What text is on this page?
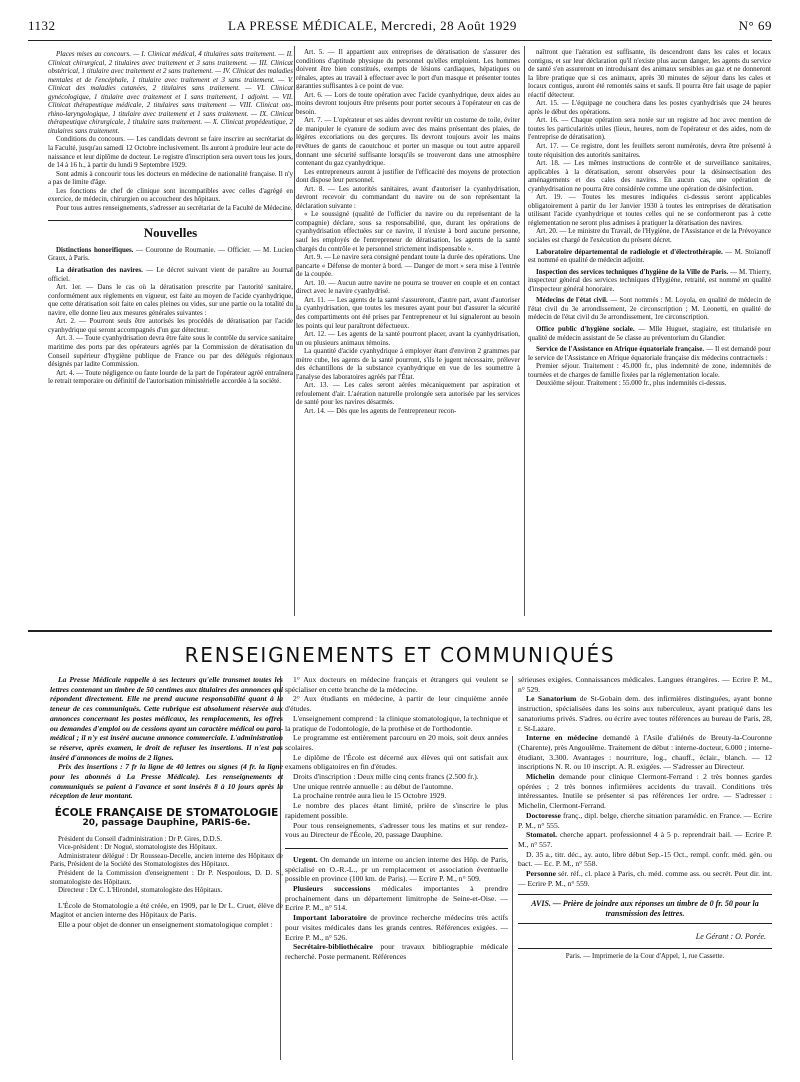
1132	LA PRESSE MÉDICALE, Mercredi, 28 Août 1929	N° 69

Places mises au concours. — I. Clinicat médical, 4 titulaires sans traitement. — II. Clinicat chirurgical, 2 titulaires avec traitement et 3 sans traitement. — III. Clinicat obstétrical, 1 titulaire avec traitement et 2 sans traitement. — IV. Clinicat des maladies mentales et de l'encéphale, 1 titulaire avec traitement et 3 sans traitement. — V. Clinicat des maladies cutanées, 2 titulaires sans traitement. — VI. Clinicat gynécologique, 1 titulaire avec traitement et 1 sans traitement, 1 adjoint. — VII. Clinicat thérapeutique médicale, 2 titulaires sans traitement — VIII. Clinicat oto-rhino-laryngologique, 1 titulaire avec traitement et 1 sans traitement. — IX. Clinicat thérapeutique chirurgicale, 1 titulaire sans traitement. — X. Clinicat propédeutique, 2 titulaires sans traitement.

Conditions du concours. — Les candidats devront se faire inscrire au secrétariat de la Faculté, jusqu'au samedi 12 Octobre inclusivement. Ils auront à produire leur acte de naissance et leur diplôme de docteur. Le registre d'inscription sera ouvert tous les jours, de 14 à 16 h., à partir du lundi 9 Septembre 1929.

Sont admis à concourir tous les docteurs en médecine de nationalité française. Il n'y a pas de limite d'âge.

Les fonctions de chef de clinique sont incompatibles avec celles d'agrégé en exercice, de médecin, chirurgien ou accoucheur des hôpitaux.

Pour tous autres renseignements, s'adresser au secrétariat de la Faculté de Médecine.

Nouvelles

Distinctions honorifiques. — Couronne de Roumanie. — Officier. — M. Lucien Graux, à Paris.

La dératisation des navires. — Le décret suivant vient de paraître au Journal officiel.

Art. 1er. — Dans le cas où la dératisation prescrite par l'autorité sanitaire, conformément aux règlements en vigueur, est faite au moyen de l'acide cyanhydrique, que cette dératisation soit faite en cales pleines ou vides, sur une partie ou la totalité du navire, elle donne lieu aux mesures générales suivantes :

Art. 2. — Pourront seuls être autorisés les procédés de dératisation par l'acide cyanhydrique qui seront accompagnés d'un gaz détecteur.

Art. 3. — Toute cyanhydrisation devra être faite sous le contrôle du service sanitaire maritime des ports par des opérateurs agréés par la Commission de dératisation du Conseil supérieur d'hygiène publique de France ou par des délégués régionaux désignés par ladite Commission.

Art. 4. — Toute négligence ou faute lourde de la part de l'opérateur agréé entraînera le retrait temporaire ou définitif de l'autorisation ministérielle accordée à la société.

Art. 5. — Il appartient aux entreprises de dératisation de s'assurer des conditions d'aptitude physique du personnel qu'elles emploient. Les hommes doivent être bien constitués, exempts de lésions cardiaques, hépatiques ou rénales, aptes au travail à effectuer avec le port d'un masque et présenter toutes garanties suffisantes à ce point de vue.

Art. 6. — Lors de toute opération avec l'acide cyanhydrique, deux aides au moins devront toujours être présents pour porter secours à l'opérateur en cas de besoin.

Art. 7. — L'opérateur et ses aides devront revêtir un costume de toile, éviter de manipuler le cyanure de sodium avec des mains présentant des plaies, de légères excoriations ou des gerçures. Ils devront toujours avoir les mains revêtues de gants de caoutchouc et porter un masque ou tout autre appareil donnant une sécurité suffisante lorsqu'ils se trouveront dans une atmosphère contenant du gaz cyanhydrique.

Les entrepreneurs auront à justifier de l'efficacité des moyens de protection dont dispose leur personnel.

Art. 8. — Les autorités sanitaires, avant d'autoriser la cyanhydrisation, devront recevoir du commandant du navire ou de son représentant la déclaration suivante :

« Le soussigné (qualité de l'officier du navire ou du représentant de la compagnie) déclare, sous sa responsabilité, que, durant les opérations de cyanhydrisation effectuées sur ce navire, il n'existe à bord aucune personne, sauf les employés de l'entrepreneur de dératisation, les agents de la santé chargés du contrôle et le personnel strictement indispensable ».

Art. 9. — Le navire sera consigné pendant toute la durée des opérations. Une pancarte « Défense de monter à bord. — Danger de mort » sera mise à l'entrée de la coupée.

Art. 10. — Aucun autre navire ne pourra se trouver en couple et en contact direct avec le navire cyanhydrisé.

Art. 11. — Les agents de la santé s'assureront, d'autre part, avant d'autoriser la cyanhydrisation, que toutes les mesures ayant pour but d'assurer la sécurité des compartiments ont été prises par l'entrepreneur et lui signaleront au besoin les points qui leur paraîtront défectueux.

Art. 12. — Les agents de la santé pourront placer, avant la cyanhydrisation, un ou plusieurs animaux témoins.

La quantité d'acide cyanhydrique à employer étant d'environ 2 grammes par mètre cube, les agents de la santé pourront, s'ils le jugent nécessaire, prélever des échantillons de la substance cyanhydrique en vue de les soumettre à l'analyse des laboratoires agréés par l'État.

Art. 13. — Les cales seront aérées mécaniquement par aspiration et refoulement d'air. L'aération naturelle prolongée sera autorisée par les services de santé pour les navires désarmés.

Art. 14. — Dès que les agents de l'entrepreneur recon-

naîtront que l'aération est suffisante, ils descendront dans les cales et locaux contigus, et sur leur déclaration qu'il n'existe plus aucun danger, les agents du service de santé s'en assureront en introduisant des animaux sensibles au gaz et ne donneront la libre pratique que si ces animaux, après 30 minutes de séjour dans les cales et locaux contigus, auront été remontés sains et saufs. Il pourra être fait usage de papier réactif détecteur.

Art. 15. — L'équipage ne couchera dans les postes cyanhydrisés que 24 heures après le début des opérations.

Art. 16. — Chaque opération sera notée sur un registre ad hoc avec mention de toutes les particularités utiles (lieux, heures, nom de l'opérateur et des aides, nom de l'entreprise de dératisation).

Art. 17. — Ce registre, dont les feuillets seront numérotés, devra être présenté à toute réquisition des autorités sanitaires.

Art. 18. — Les mêmes instructions de contrôle et de surveillance sanitaires, applicables à la dératisation, seront observées pour la désinsectisation des aménagements et des cales des navires. En aucun cas, une opération de cyanhydrisation ne pourra être considérée comme une opération de désinfection.

Art. 19. — Toutes les mesures indiquées ci-dessus seront applicables obligatoirement à partir du 1er Janvier 1930 à toutes les entreprises de dératisation utilisant l'acide cyanhydrique et toutes celles qui ne se conformeront pas à cette réglementation ne seront plus admises à pratiquer la dératisation des navires.

Art. 20. — Le ministre du Travail, de l'Hygiène, de l'Assistance et de la Prévoyance sociales est chargé de l'exécution du présent décret.

Laboratoire départemental de radiologie et d'électrothérapie. — M. Stoïanoff est nommé en qualité de médecin adjoint.

Inspection des services techniques d'hygiène de la Ville de Paris. — M. Thierry, inspecteur général des services techniques d'Hygiène, retraité, est nommé en qualité d'inspecteur général honoraire.

Médecins de l'état civil. — Sont nommés : M. Loyola, en qualité de médecin de l'état civil du 3e arrondissement, 2e circonscription ; M. Leonetti, en qualité de médecin de l'état civil du 3e arrondissement, 1re circonscription.

Office public d'hygiène sociale. — Mlle Huguet, stagiaire, est titularisée en qualité de médecin assistant de 5e classe au préventorium du Glandier.

Service de l'Assistance en Afrique équatoriale française. — Il est demandé pour le service de l'Assistance en Afrique équatoriale française dix médecins contractuels :

Premier séjour. Traitement : 45.000 fr., plus indemnité de zone, indemnités de tournées et de charges de famille fixées par la réglementation locale.

Deuxième séjour. Traitement : 55.000 fr., plus indemnités ci-dessus.

RENSEIGNEMENTS ET COMMUNIQUÉS

La Presse Médicale rappelle à ses lecteurs qu'elle transmet toutes les lettres contenant un timbre de 50 centimes aux titulaires des annonces qui répondent directement. Elle ne prend aucune responsabilité quant à la teneur de ces communiqués. Cette rubrique est absolument réservée aux annonces concernant les postes médicaux, les remplacements, les offres ou demandes d'emploi ou de cessions ayant un caractère médical ou para-médical ; il n'y est inséré aucune annonce commerciale. L'administration se réserve, après examen, le droit de refuser les insertions. Il n'est pas inséré d'annonces de moins de 2 lignes.

Prix des insertions : 7 fr la ligne de 40 lettres ou signes (4 fr. la ligne pour les abonnés à La Presse Médicale). Les renseignements et communiqués se paient à l'avance et sont insérés 8 à 10 jours après la réception de leur montant.

ÉCOLE FRANÇAISE DE STOMATOLOGIE
20, passage Dauphine, PARIS-6e.

Président du Conseil d'administration : Dr P. Gires, D.D.S.

Vice-président : Dr Nogué, stomatologiste des Hôpitaux.

Administrateur délégué : Dr Rousseau-Decelle, ancien interne des Hôpitaux de Paris, Président de la Société des Stomatologistes des Hôpitaux.

Président de la Commission d'enseignement : Dr P. Nespoulous, D. D. S., stomatologiste des Hôpitaux.

Directeur : Dr C. L'Hirondel, stomatologiste des Hôpitaux.

L'École de Stomatologie a été créée, en 1909, par le Dr L. Cruet, élève de Magitot et ancien interne des Hôpitaux de Paris.

Elle a pour objet de donner un enseignement stomatologique complet :

1° Aux docteurs en médecine français et étrangers qui veulent se spécialiser en cette branche de la médecine.

2° Aux étudiants en médecine, à partir de leur cinquième année d'études.

L'enseignement comprend : la clinique stomatologique, la technique et la pratique de l'odontologie, de la prothèse et de l'orthodontie.

Le programme est entièrement parcouru en 20 mois, soit deux années scolaires.

Le diplôme de l'École est décerné aux élèves qui ont satisfait aux examens obligatoires en fin d'études.

Droits d'inscription : Deux mille cinq cents francs (2.500 fr.).

Une unique rentrée annuelle : au début de l'automne.

La prochaine rentrée aura lieu le 15 Octobre 1929.

Le nombre des places étant limité, prière de s'inscrire le plus rapidement possible.

Pour tous renseignements, s'adresser tous les matins et sur rendez-vous au Directeur de l'École, 20, passage Dauphine.

Urgent. On demande un interne ou ancien interne des Hôp. de Paris, spécialisé en O.-R.-L., pr un remplacement et association éventuelle possible en province (100 km. de Paris). — Ecrire P. M., n° 509.

Plusieurs successions médicales importantes à prendre prochainement dans un département limitrophe de Seine-et-Oise. — Ecrire P. M., n° 514.

Important laboratoire de province recherche médecins très actifs pour visites médicales dans les grands centres. Références exigées. — Ecrire P. M., n° 526.

Secrétaire-bibliothécaire pour travaux bibliographie médicale recherché. Poste permanent. Références

sérieuses exigées. Connaissances médicales. Langues étrangères. — Ecrire P. M., n° 529.

Le Sanatorium de St-Gobain dem. des infirmières distinguées, ayant bonne instruction, spécialisées dans les soins aux tuberculeux, ayant pratiqué dans les sanatoriums privés. S'adres. ou écrire avec toutes références au bureau de Paris, 28, r. St-Lazare.

Interne en médecine demandé à l'Asile d'aliénés de Breuty-la-Couronne (Charente), près Angoulême. Traitement de début : interne-docteur, 6.000 ; interne-étudiant, 3.300. Avantages : nourriture, log., chauff., éclair., blanch. — 12 inscriptions N. R. ou 10 inscript. A. R. exigées. — S'adresser au Directeur.

Michelin demande pour clinique Clermont-Ferrand : 2 très bonnes gardes opérées ; 2 très bonnes infirmières accidents du travail. Conditions très intéressantes. Inutile se présenter si pas références 1er ordre. — S'adresser : Michelin, Clermont-Ferrand.

Doctoresse franç., dipl. belge, cherche situation paramédic. en France. — Ecrire P. M., n° 555.

Stomatol. cherche appart. professionnel 4 à 5 p. reprendrait bail. — Ecrire P. M., n° 557.

D. 35 a., titr. déc., ay. auto, libre début Sep.-15 Oct., rempl. confr. méd. gén. ou bact. — Ec. P. M., n° 558.

Personne sér. réf., cl. place à Paris, ch. méd. comme ass. ou secrét. Peut dir. int. — Ecrire P. M., n° 559.

AVIS. — Prière de joindre aux réponses un timbre de 0 fr. 50 pour la transmission des lettres.
Le Gérant : O. Porée.
Paris. — Imprimerie de la Cour d'Appel, 1, rue Cassette.
